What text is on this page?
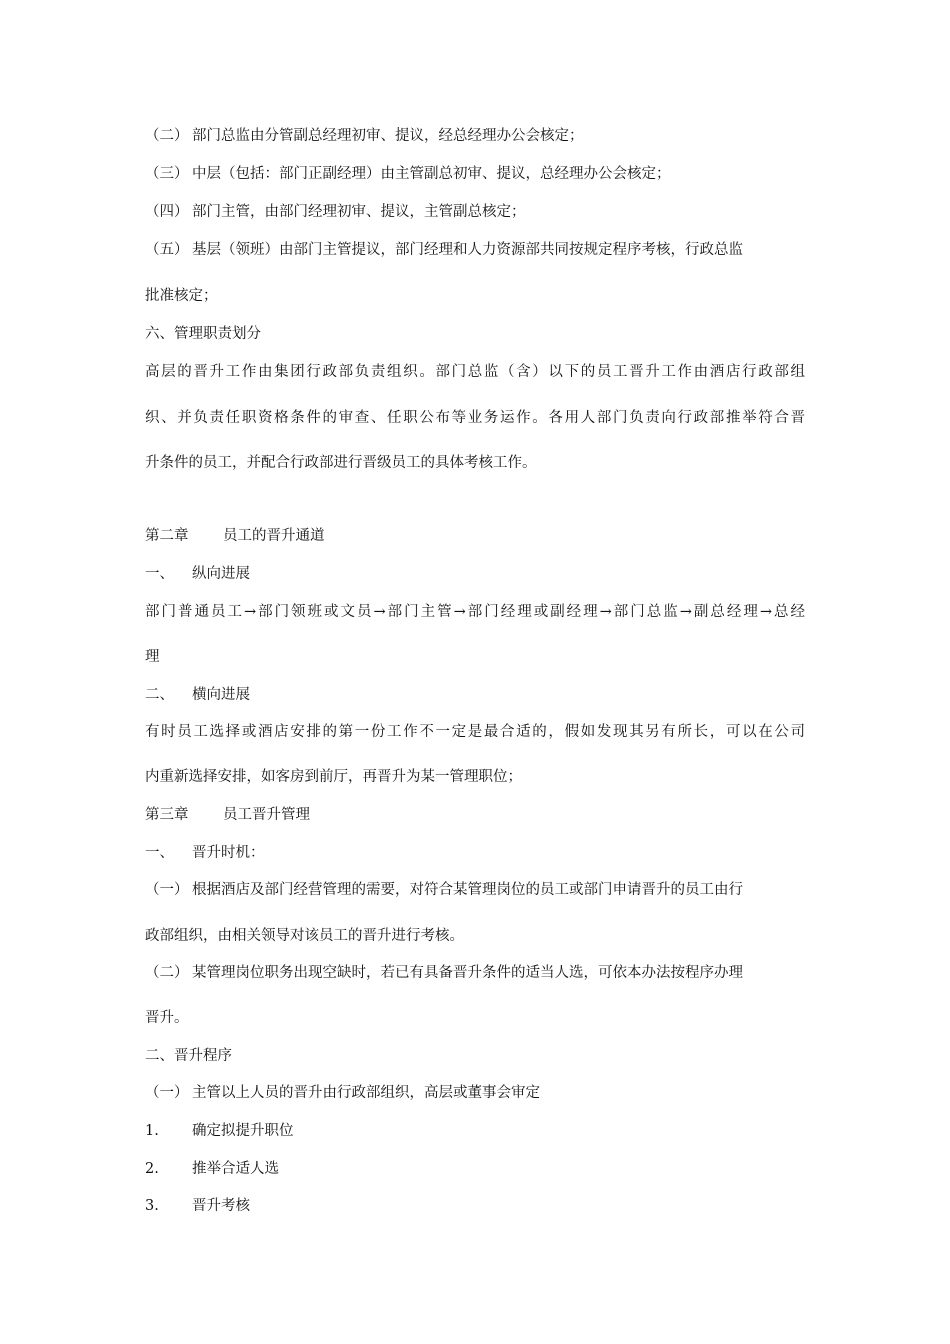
（二） 部门总监由分管副总经理初审、提议，经总经理办公会核定；
（三） 中层（包括：部门正副经理）由主管副总初审、提议，总经理办公会核定；
（四） 部门主管，由部门经理初审、提议，主管副总核定；
（五） 基层（领班）由部门主管提议，部门经理和人力资源部共同按规定程序考核，行政总监
批准核定；
六、管理职责划分
高层的晋升工作由集团行政部负责组织。部门总监（含）以下的员工晋升工作由酒店行政部组
织、并负责任职资格条件的审查、任职公布等业务运作。各用人部门负责向行政部推举符合晋
升条件的员工，并配合行政部进行晋级员工的具体考核工作。
第二章 员工的晋升通道
一、 纵向进展
部门普通员工→部门领班或文员→部门主管→部门经理或副经理→部门总监→副总经理→总经
理
二、 横向进展
有时员工选择或酒店安排的第一份工作不一定是最合适的，假如发现其另有所长，可以在公司
内重新选择安排，如客房到前厅，再晋升为某一管理职位；
第三章 员工晋升管理
一、 晋升时机：
（一） 根据酒店及部门经营管理的需要，对符合某管理岗位的员工或部门申请晋升的员工由行
政部组织，由相关领导对该员工的晋升进行考核。
（二） 某管理岗位职务出现空缺时，若已有具备晋升条件的适当人选，可依本办法按程序办理
晋升。
二、晋升程序
（一） 主管以上人员的晋升由行政部组织，高层或董事会审定
1. 确定拟提升职位
2. 推举合适人选
3. 晋升考核
